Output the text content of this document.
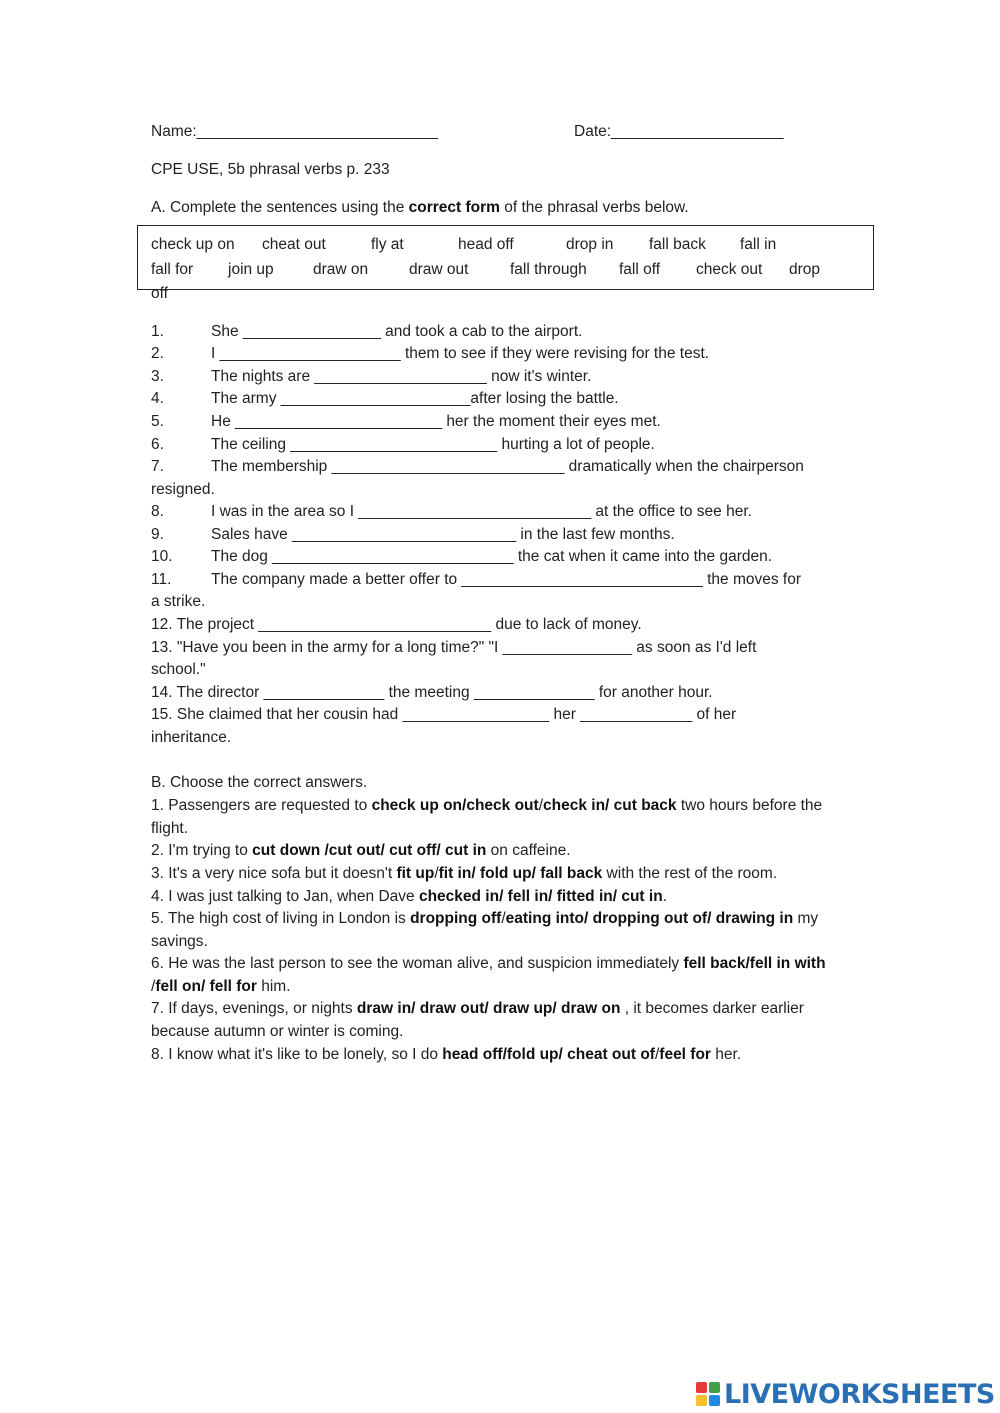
Name:____________________________	Date:____________________
CPE USE, 5b phrasal verbs p. 233
A. Complete the sentences using the correct form of the phrasal verbs below.
check up on cheat out	fly at	head off	drop in fall back fall in
fall for join up	draw on	draw out	fall through fall off check out drop
off
1.	She ________________ and took a cab to the airport.
2.	I _____________________ them to see if they were revising for the test.
3.	The nights are ____________________ now it's winter.
4.	The army ______________________after losing the battle.
5.	He ________________________ her the moment their eyes met.
6.	The ceiling ________________________ hurting a lot of people.
7.	The membership ___________________________ dramatically when the chairperson
resigned.
8.	I was in the area so I ___________________________ at the office to see her.
9.	Sales have __________________________ in the last few months.
10. The dog ____________________________ the cat when it came into the garden.
11.	The company made a better offer to ____________________________ the moves for
a strike.
12. The project ___________________________ due to lack of money.
13. "Have you been in the army for a long time?" "I _______________ as soon as I'd left
school."
14. The director ______________ the meeting ______________ for another hour.
15. She claimed that her cousin had _________________ her _____________ of her
inheritance.
B. Choose the correct answers.
1. Passengers are requested to check up on/check out/check in/ cut back two hours before the flight.
2. I'm trying to cut down /cut out/ cut off/ cut in on caffeine.
3. It's a very nice sofa but it doesn't fit up/fit in/ fold up/ fall back with the rest of the room.
4. I was just talking to Jan, when Dave checked in/ fell in/ fitted in/ cut in.
5. The high cost of living in London is dropping off/eating into/ dropping out of/ drawing in my savings.
6. He was the last person to see the woman alive, and suspicion immediately fell back/fell in with /fell on/ fell for him.
7. If days, evenings, or nights draw in/ draw out/ draw up/ draw on , it becomes darker earlier because autumn or winter is coming.
8. I know what it's like to be lonely, so I do head off/fold up/ cheat out of/feel for her.
LIVEWORKSHEETS
